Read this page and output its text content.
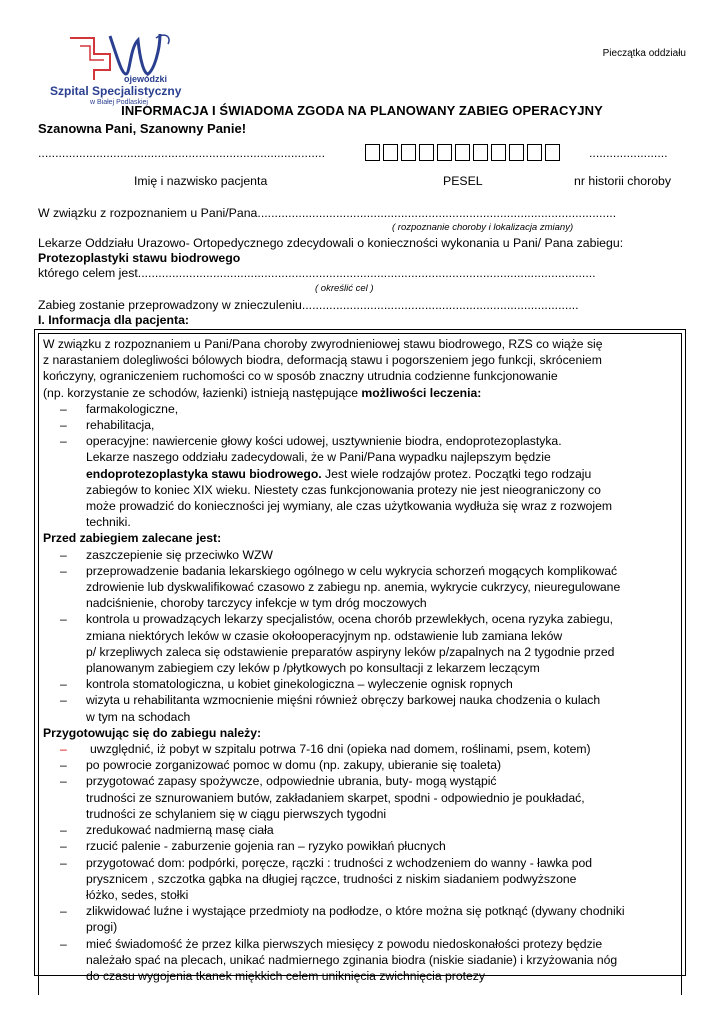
ojewódzki
Szpital Specjalistyczny
w Białej Podlaskiej
Pieczątka oddziału
INFORMACJA I ŚWIADOMA ZGODA NA PLANOWANY ZABIEG OPERACYJNY
Szanowna Pani, Szanowny Panie!
....................................................................................	.......................
Imię i nazwisko pacjenta	PESEL	nr historii choroby
W związku z rozpoznaniem u Pani/Pana.........................................................................................................
( rozpoznanie choroby i lokalizacja zmiany)
Lekarze Oddziału Urazowo- Ortopedycznego zdecydowali o konieczności wykonania u Pani/ Pana zabiegu:
Protezoplastyki stawu biodrowego
którego celem jest......................................................................................................................................
( określić cel )
Zabieg zostanie przeprowadzony w znieczuleniu.................................................................................
I. Informacja dla pacjenta:

W związku z rozpoznaniem u Pani/Pana choroby zwyrodnieniowej stawu biodrowego, RZS co wiąże się

z narastaniem dolegliwości bólowych biodra, deformacją stawu i pogorszeniem jego funkcji, skróceniem

kończyny, ograniczeniem ruchomości co w sposób znaczny utrudnia codzienne funkcjonowanie

(np. korzystanie ze schodów, łazienki) istnieją następujące możliwości leczenia:

– farmakologiczne,

– rehabilitacja,

– operacyjne: nawiercenie głowy kości udowej, usztywnienie biodra, endoprotezoplastyka.

Lekarze naszego oddziału zadecydowali, że w Pani/Pana wypadku najlepszym będzie

endoprotezoplastyka stawu biodrowego. Jest wiele rodzajów protez. Początki tego rodzaju

zabiegów to koniec XIX wieku. Niestety czas funkcjonowania protezy nie jest nieograniczony co

może prowadzić do konieczności jej wymiany, ale czas użytkowania wydłuża się wraz z rozwojem

techniki.

Przed zabiegiem zalecane jest:

– zaszczepienie się przeciwko WZW

– przeprowadzenie badania lekarskiego ogólnego w celu wykrycia schorzeń mogących komplikować

zdrowienie lub dyskwalifikować czasowo z zabiegu np. anemia, wykrycie cukrzycy, nieuregulowane

nadciśnienie, choroby tarczycy infekcje w tym dróg moczowych

– kontrola u prowadzących lekarzy specjalistów, ocena chorób przewlekłych, ocena ryzyka zabiegu,

zmiana niektórych leków w czasie okołooperacyjnym np. odstawienie lub zamiana leków

p/ krzepliwych zaleca się odstawienie preparatów aspiryny leków p/zapalnych na 2 tygodnie przed

planowanym zabiegiem czy leków p /płytkowych po konsultacji z lekarzem leczącym

– kontrola stomatologiczna, u kobiet ginekologiczna – wyleczenie ognisk ropnych

– wizyta u rehabilitanta wzmocnienie mięśni również obręczy barkowej nauka chodzenia o kulach

w tym na schodach

Przygotowując się do zabiegu należy:

– uwzględnić, iż pobyt w szpitalu potrwa 7-16 dni (opieka nad domem, roślinami, psem, kotem)

– po powrocie zorganizować pomoc w domu (np. zakupy, ubieranie się toaleta)

– przygotować zapasy spożywcze, odpowiednie ubrania, buty- mogą wystąpić

trudności ze sznurowaniem butów, zakładaniem skarpet, spodni - odpowiednio je poukładać,

trudności ze schylaniem się w ciągu pierwszych tygodni

– zredukować nadmierną masę ciała

– rzucić palenie - zaburzenie gojenia ran – ryzyko powikłań płucnych

– przygotować dom: podpórki, poręcze, rączki : trudności z wchodzeniem do wanny - ławka pod

prysznicem , szczotka gąbka na długiej rączce, trudności z niskim siadaniem podwyższone

łóżko, sedes, stołki

– zlikwidować luźne i wystające przedmioty na podłodze, o które można się potknąć (dywany chodniki

progi)

– mieć świadomość że przez kilka pierwszych miesięcy z powodu niedoskonałości protezy będzie

należało spać na plecach, unikać nadmiernego zginania biodra (niskie siadanie) i krzyżowania nóg

do czasu wygojenia tkanek miękkich celem uniknięcia zwichnięcia protezy
